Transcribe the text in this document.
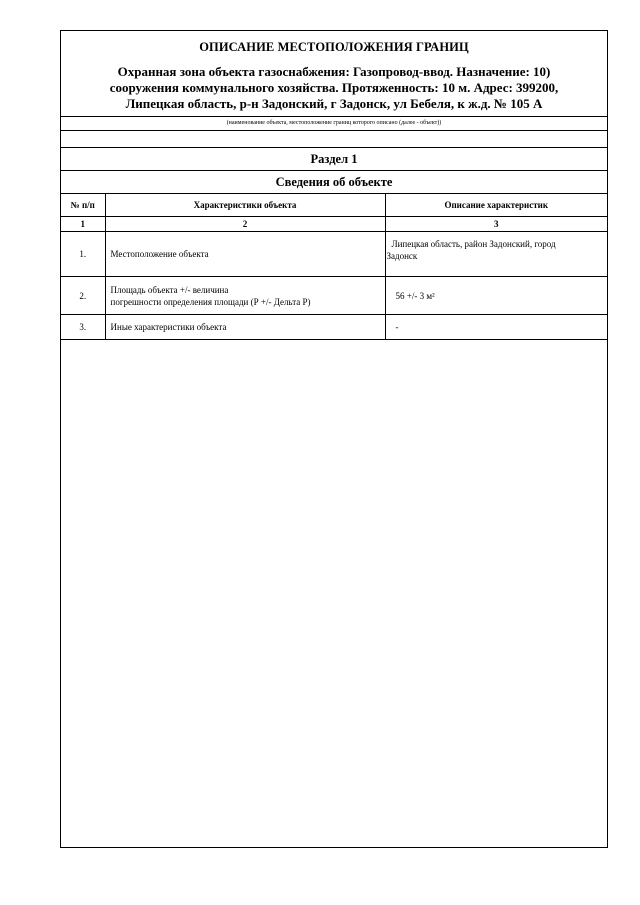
ОПИСАНИЕ МЕСТОПОЛОЖЕНИЯ ГРАНИЦ
Охранная зона объекта газоснабжения: Газопровод-ввод. Назначение: 10)
сооружения коммунального хозяйства. Протяженность: 10 м. Адрес: 399200,
Липецкая область, р-н Задонский, г Задонск, ул Бебеля, к ж.д. № 105 А
(наименование объекта, местоположение границ которого описано (далее - объект))
Раздел 1
Сведения об объекте
№ п/п	Характеристики объекта	Описание характеристик
1	2	3
1.	Местоположение объекта	Липецкая область, район Задонский, город
Задонск

2.	Площадь объекта +/- величина
погрешности определения площади (Р +/- Дельта Р)	56 +/- 3 м²
3.	Иные характеристики объекта	-
